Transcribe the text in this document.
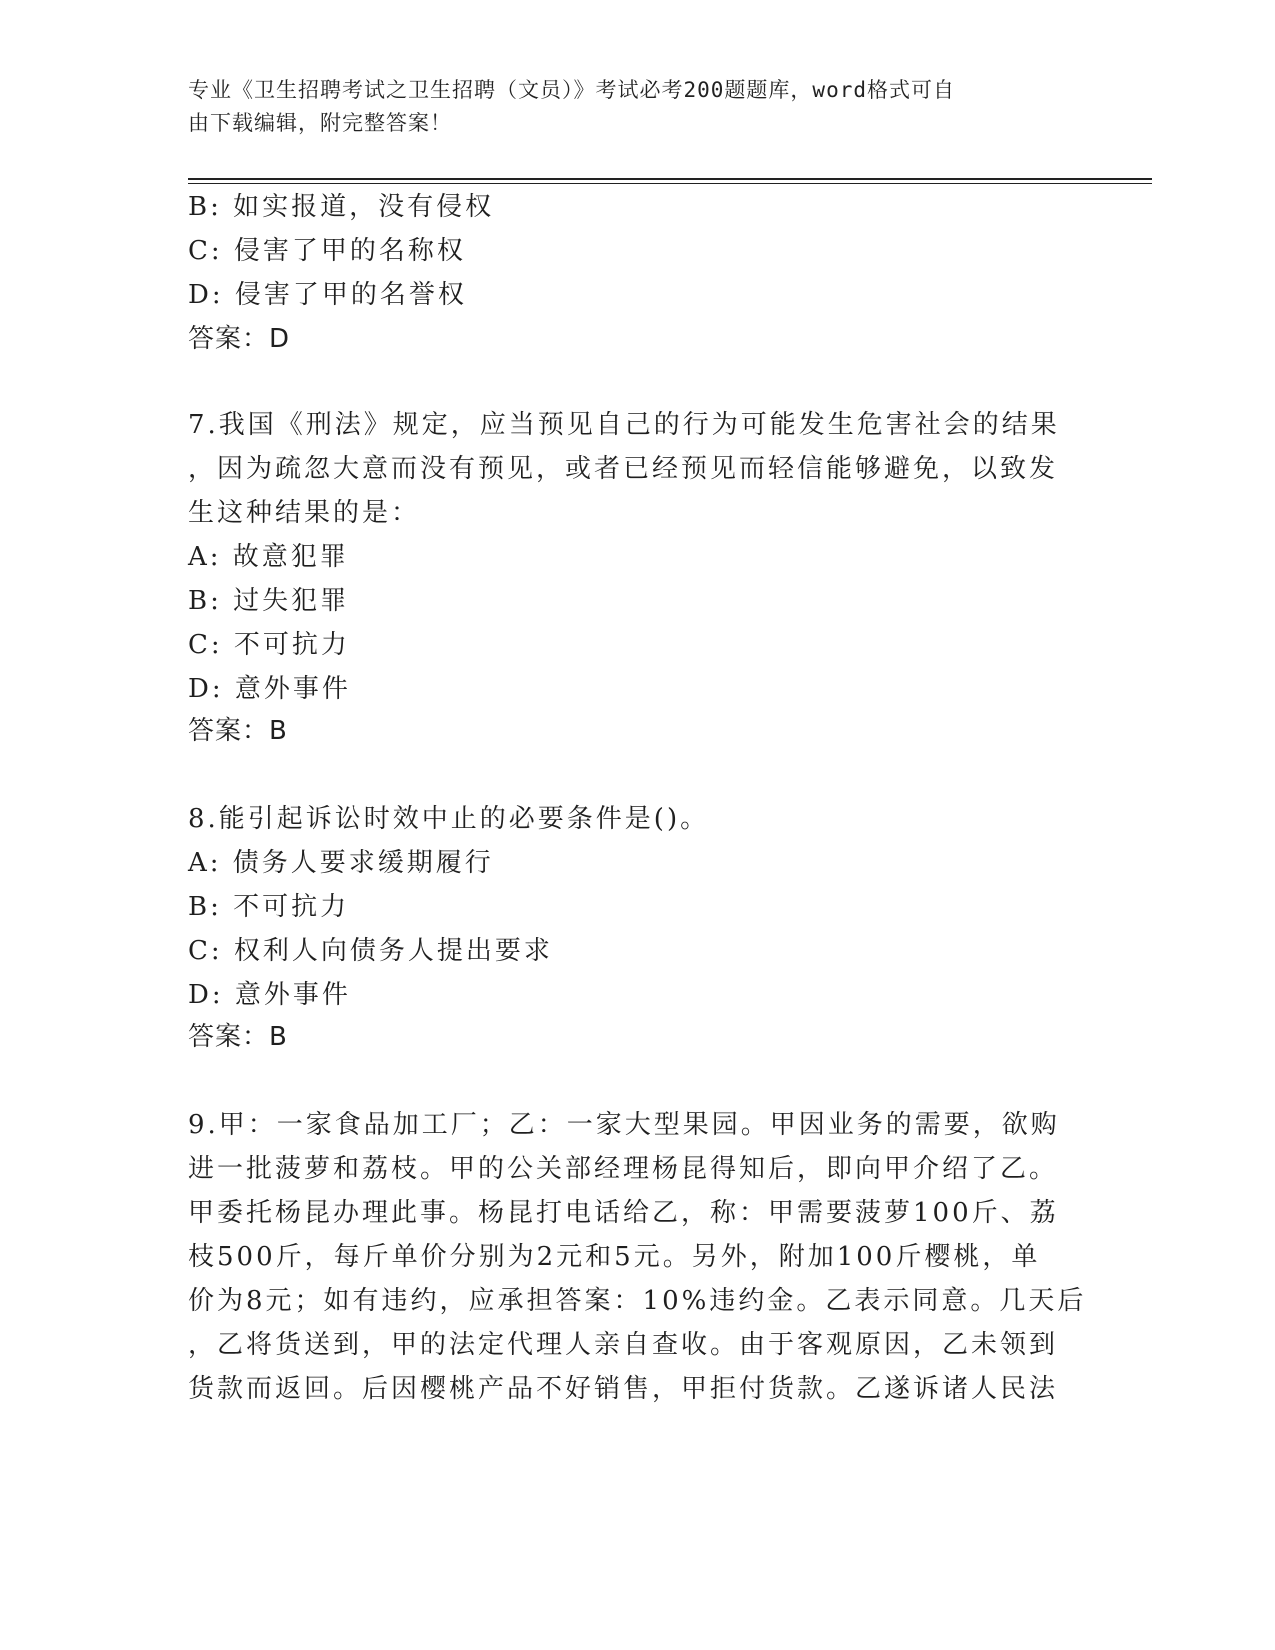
专业《卫生招聘考试之卫生招聘（文员）》考试必考200题题库，word格式可自
由下载编辑，附完整答案！
B: 如实报道，没有侵权
C: 侵害了甲的名称权
D: 侵害了甲的名誉权
答案：D
7.我国《刑法》规定，应当预见自己的行为可能发生危害社会的结果
，因为疏忽大意而没有预见，或者已经预见而轻信能够避免，以致发
生这种结果的是：
A: 故意犯罪
B: 过失犯罪
C: 不可抗力
D: 意外事件
答案：B
8.能引起诉讼时效中止的必要条件是()。
A: 债务人要求缓期履行
B: 不可抗力
C: 权利人向债务人提出要求
D: 意外事件
答案：B
9.甲：一家食品加工厂；乙：一家大型果园。甲因业务的需要，欲购
进一批菠萝和荔枝。甲的公关部经理杨昆得知后，即向甲介绍了乙。
甲委托杨昆办理此事。杨昆打电话给乙，称：甲需要菠萝100斤、荔
枝500斤，每斤单价分别为2元和5元。另外，附加100斤樱桃，单
价为8元；如有违约，应承担答案：10%违约金。乙表示同意。几天后
，乙将货送到，甲的法定代理人亲自查收。由于客观原因，乙未领到
货款而返回。后因樱桃产品不好销售，甲拒付货款。乙遂诉诸人民法
